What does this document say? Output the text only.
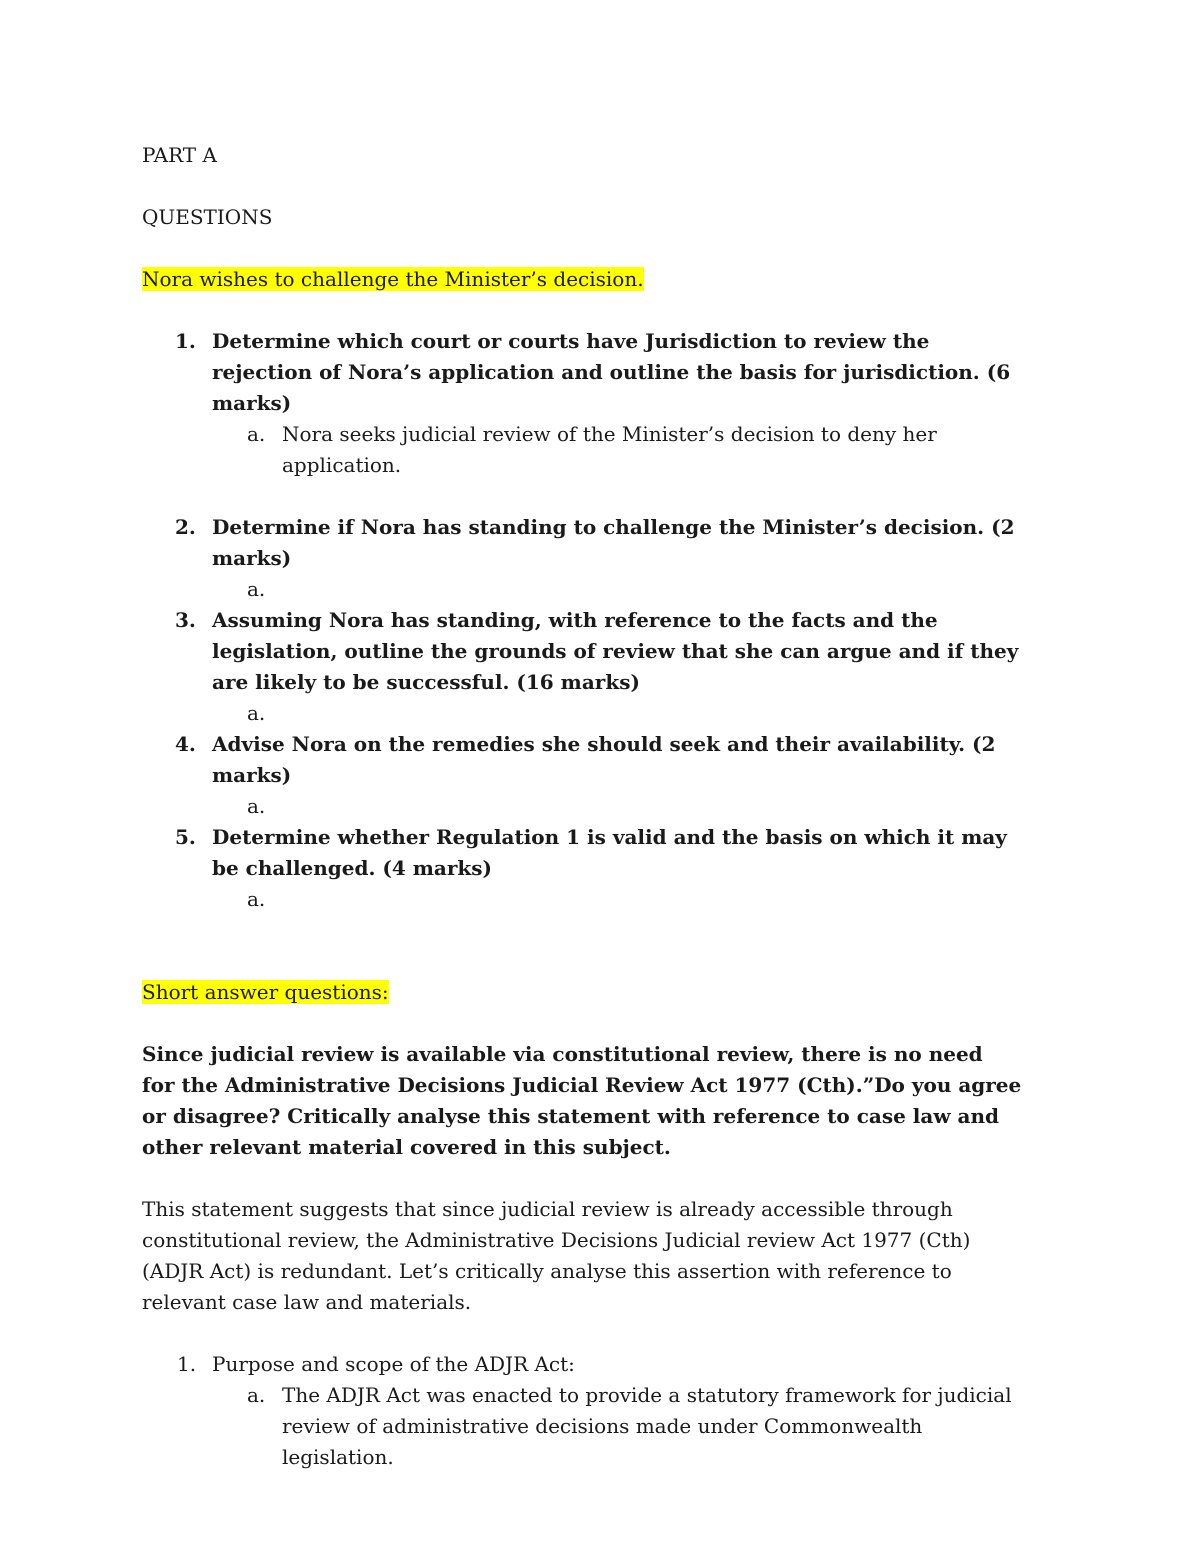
PART A

QUESTIONS

Nora wishes to challenge the Minister’s decision.

1. Determine which court or courts have Jurisdiction to review the rejection of Nora’s application and outline the basis for jurisdiction. (6 marks)
a. Nora seeks judicial review of the Minister’s decision to deny her application.
2. Determine if Nora has standing to challenge the Minister’s decision. (2 marks)
a.

3. Assuming Nora has standing, with reference to the facts and the legislation, outline the grounds of review that she can argue and if they are likely to be successful. (16 marks)
a.

4. Advise Nora on the remedies she should seek and their availability. (2 marks)
a.

5. Determine whether Regulation 1 is valid and the basis on which it may be challenged. (4 marks)
a.

Short answer questions:

Since judicial review is available via constitutional review, there is no need for the Administrative Decisions Judicial Review Act 1977 (Cth).”Do you agree or disagree? Critically analyse this statement with reference to case law and other relevant material covered in this subject.

This statement suggests that since judicial review is already accessible through constitutional review, the Administrative Decisions Judicial review Act 1977 (Cth) (ADJR Act) is redundant. Let’s critically analyse this assertion with reference to relevant case law and materials.

1. Purpose and scope of the ADJR Act:
a. The ADJR Act was enacted to provide a statutory framework for judicial review of administrative decisions made under Commonwealth legislation.
